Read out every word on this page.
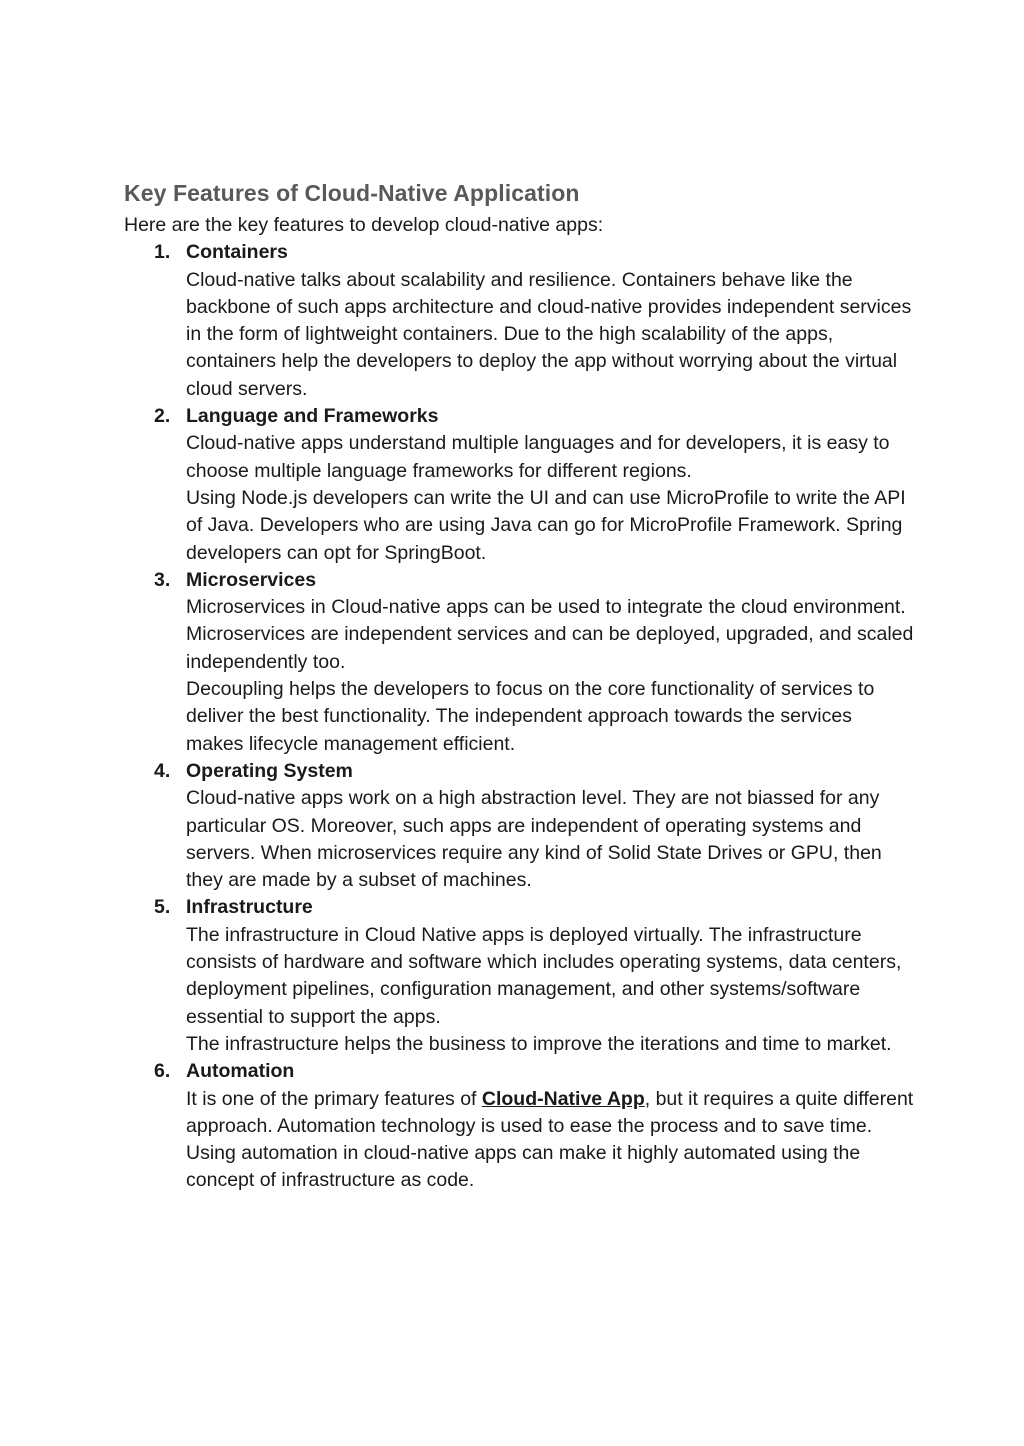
Key Features of Cloud-Native Application

Here are the key features to develop cloud-native apps:

1. Containers
Cloud-native talks about scalability and resilience. Containers behave like the backbone of such apps architecture and cloud-native provides independent services in the form of lightweight containers. Due to the high scalability of the apps, containers help the developers to deploy the app without worrying about the virtual cloud servers.
2. Language and Frameworks
Cloud-native apps understand multiple languages and for developers, it is easy to choose multiple language frameworks for different regions.
Using Node.js developers can write the UI and can use MicroProfile to write the API of Java. Developers who are using Java can go for MicroProfile Framework. Spring developers can opt for SpringBoot.
3. Microservices
Microservices in Cloud-native apps can be used to integrate the cloud environment. Microservices are independent services and can be deployed, upgraded, and scaled independently too.
Decoupling helps the developers to focus on the core functionality of services to deliver the best functionality. The independent approach towards the services makes lifecycle management efficient.
4. Operating System
Cloud-native apps work on a high abstraction level. They are not biassed for any particular OS. Moreover, such apps are independent of operating systems and servers. When microservices require any kind of Solid State Drives or GPU, then they are made by a subset of machines.
5. Infrastructure
The infrastructure in Cloud Native apps is deployed virtually. The infrastructure consists of hardware and software which includes operating systems, data centers, deployment pipelines, configuration management, and other systems/software essential to support the apps.
The infrastructure helps the business to improve the iterations and time to market.
6. Automation
It is one of the primary features of Cloud-Native App, but it requires a quite different approach. Automation technology is used to ease the process and to save time. Using automation in cloud-native apps can make it highly automated using the concept of infrastructure as code.
